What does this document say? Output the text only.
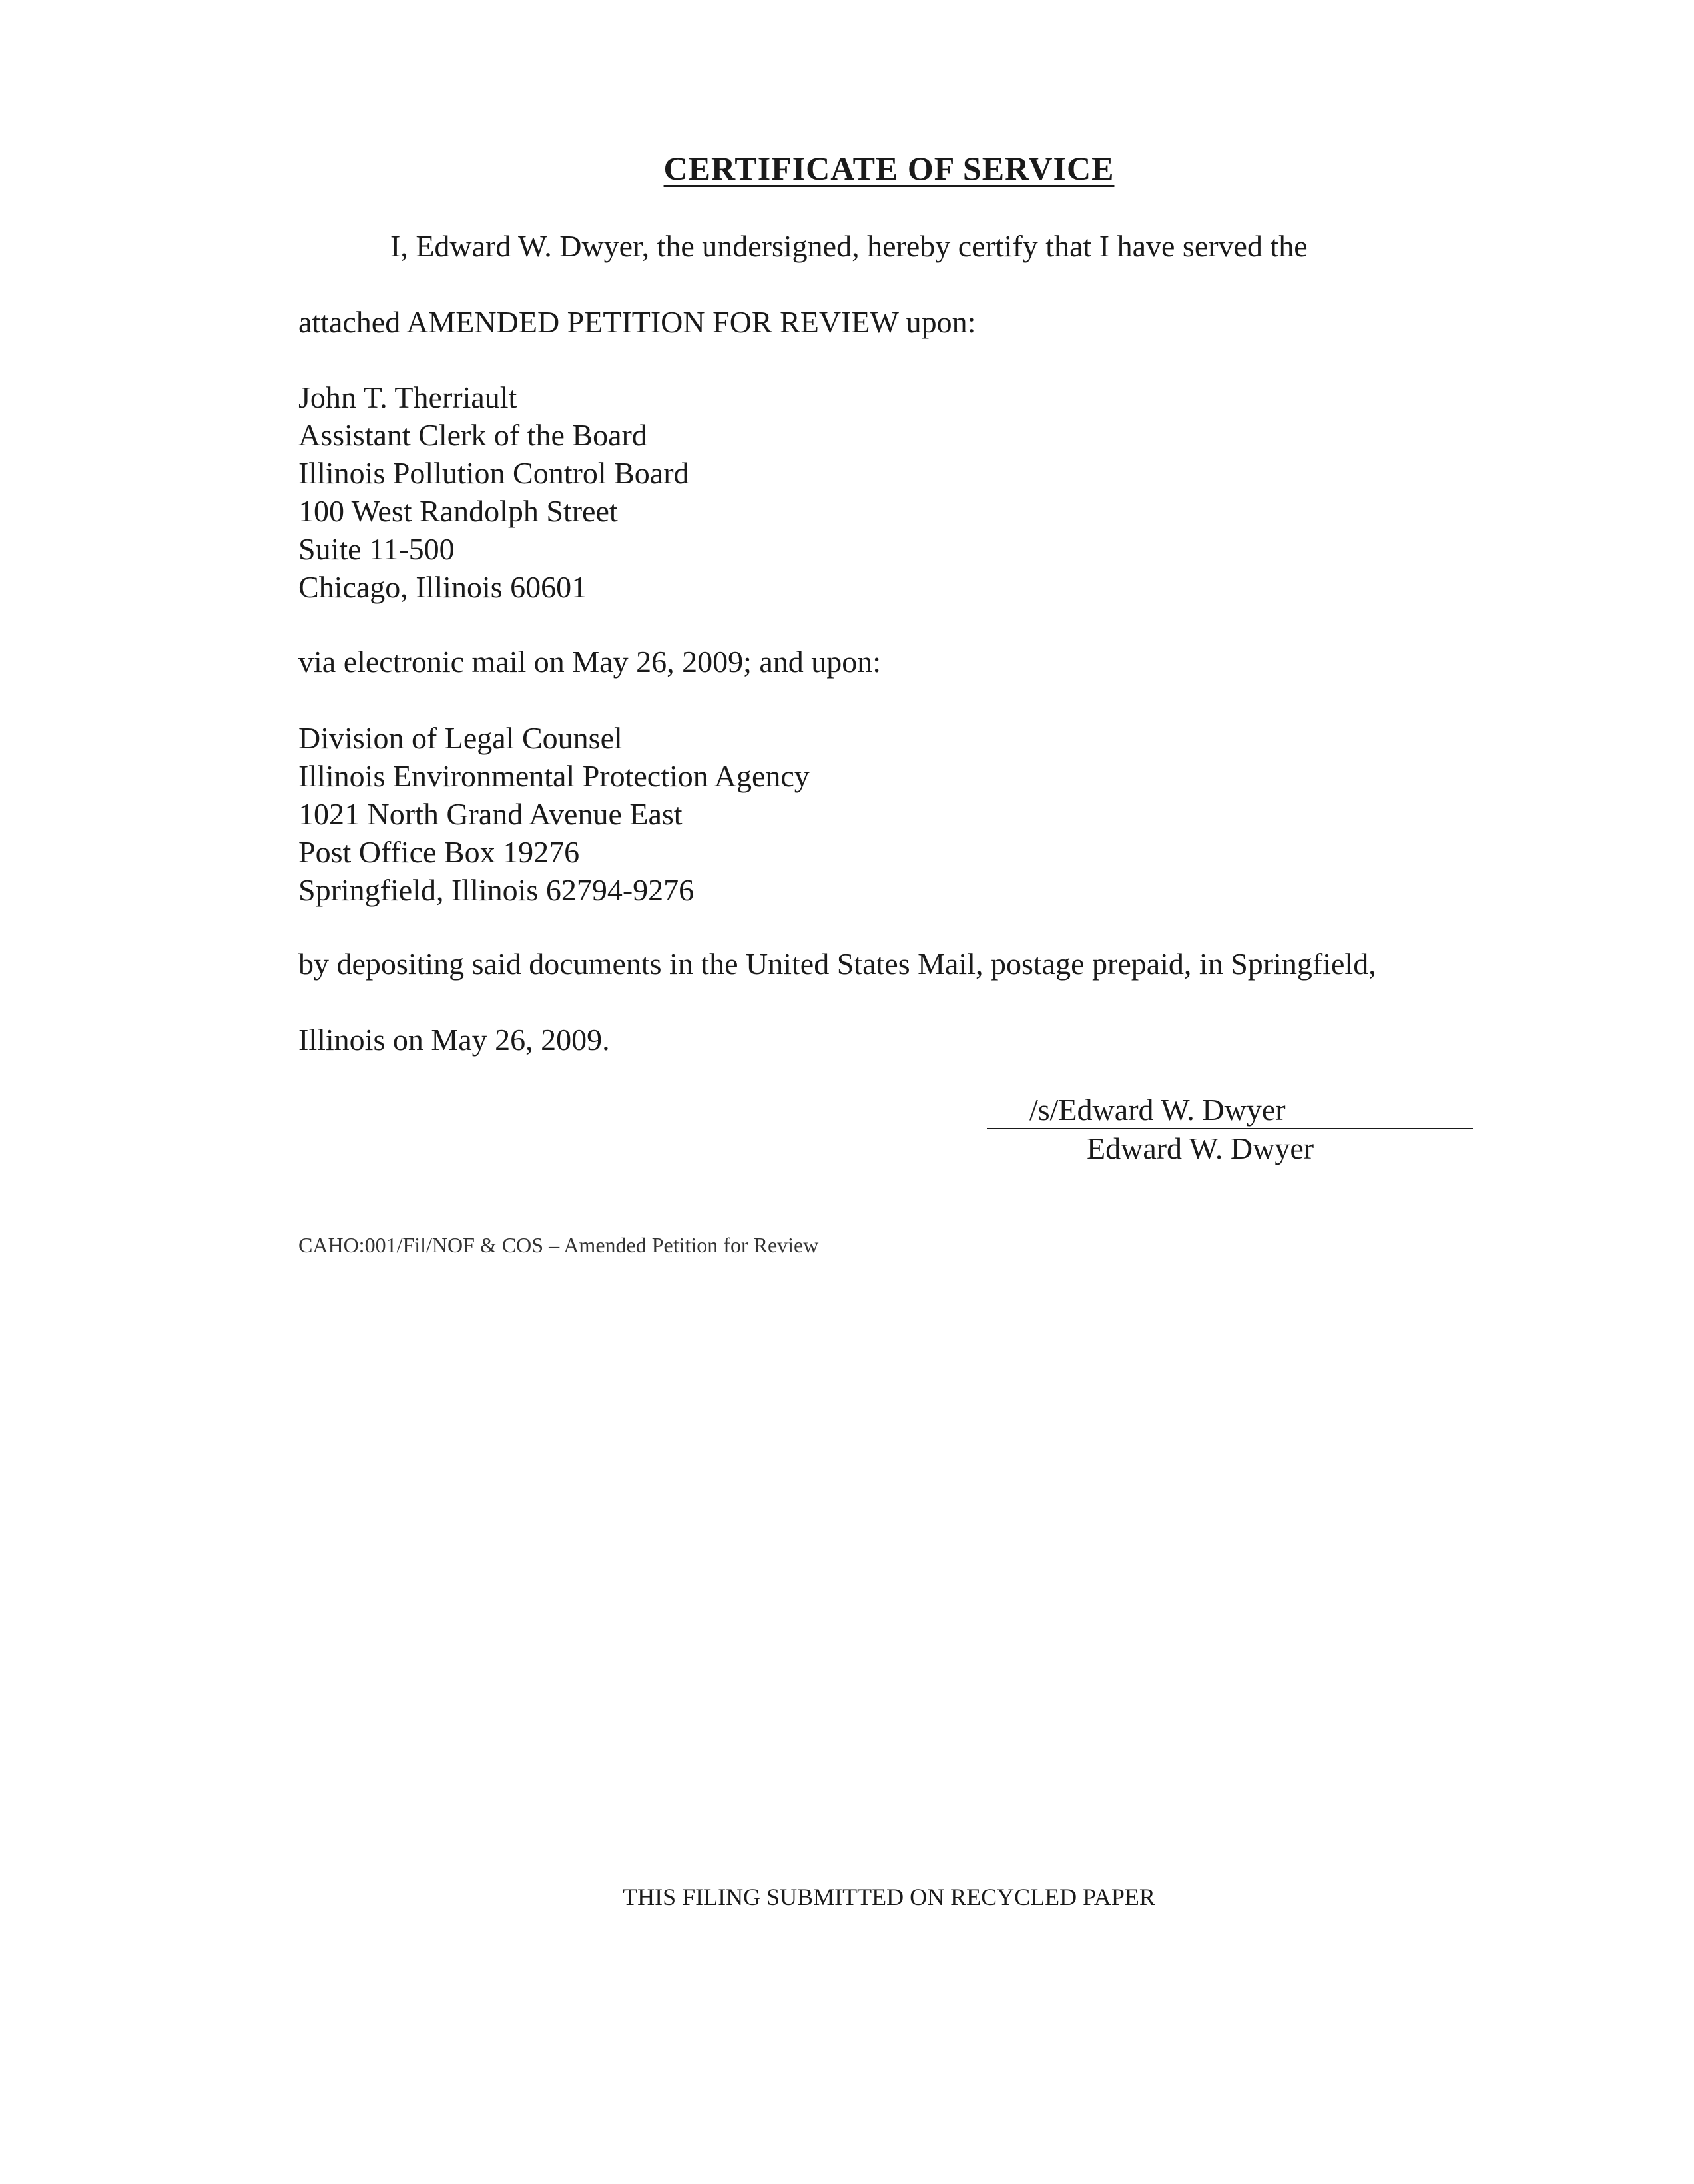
CERTIFICATE OF SERVICE
I, Edward W. Dwyer, the undersigned, hereby certify that I have served the
attached AMENDED PETITION FOR REVIEW upon:
John T. Therriault
Assistant Clerk of the Board
Illinois Pollution Control Board
100 West Randolph Street
Suite 11-500
Chicago, Illinois 60601
via electronic mail on May 26, 2009; and upon:
Division of Legal Counsel
Illinois Environmental Protection Agency
1021 North Grand Avenue East
Post Office Box 19276
Springfield, Illinois 62794-9276
by depositing said documents in the United States Mail, postage prepaid, in Springfield,
Illinois on May 26, 2009.
/s/Edward W. Dwyer
Edward W. Dwyer
CAHO:001/Fil/NOF & COS – Amended Petition for Review
THIS FILING SUBMITTED ON RECYCLED PAPER
